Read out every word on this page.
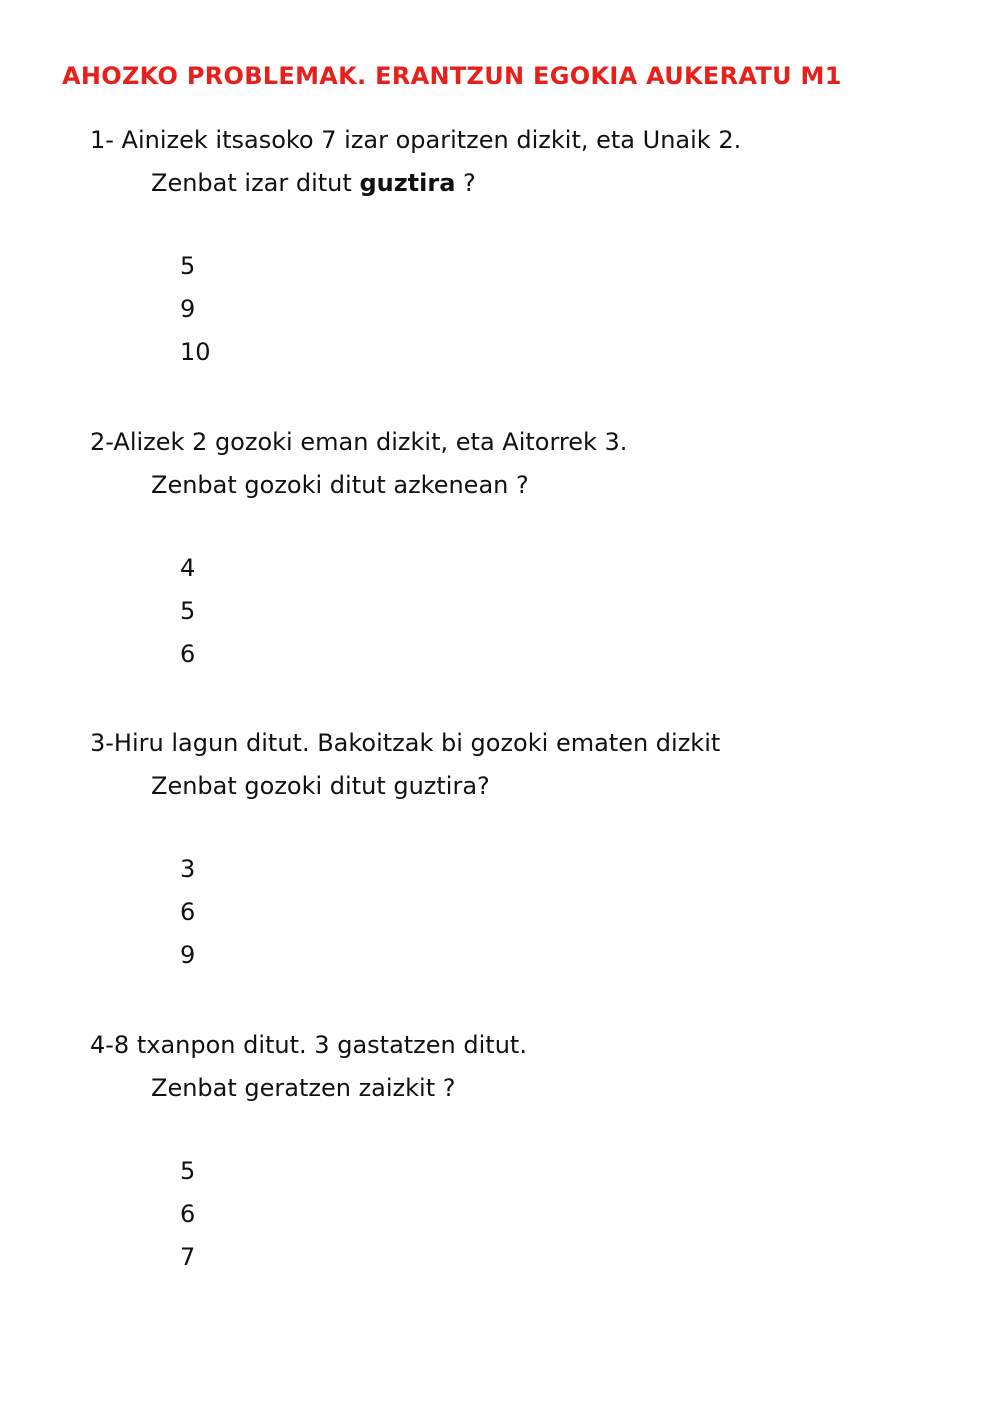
AHOZKO PROBLEMAK. ERANTZUN EGOKIA AUKERATU M1
1- Ainizek itsasoko 7 izar oparitzen dizkit, eta Unaik 2.
Zenbat izar ditut guztira ?
5
9
10
2-Alizek 2 gozoki eman dizkit, eta Aitorrek 3.
Zenbat gozoki ditut azkenean ?
4
5
6
3-Hiru lagun ditut. Bakoitzak bi gozoki ematen dizkit
Zenbat gozoki ditut guztira?
3
6
9
4-8 txanpon ditut. 3 gastatzen ditut.
Zenbat geratzen zaizkit ?
5
6
7
